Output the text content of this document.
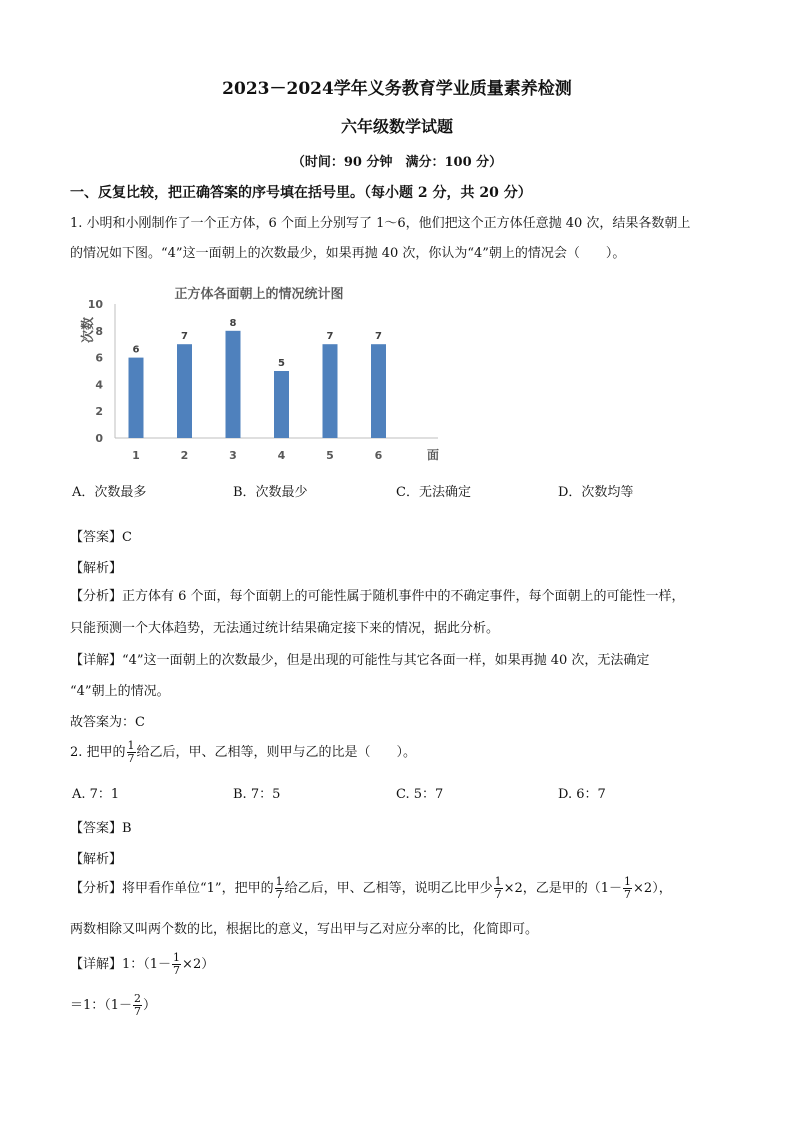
2023－2024学年义务教育学业质量素养检测
六年级数学试题
（时间：90 分钟　满分：100 分）
一、反复比较，把正确答案的序号填在括号里。（每小题 2 分，共 20 分）
1. 小明和小刚制作了一个正方体，6 个面上分别写了 1～6，他们把这个正方体任意抛 40 次，结果各数朝上
的情况如下图。“4”这一面朝上的次数最少，如果再抛 40 次，你认为“4”朝上的情况会（　　）。
正方体各面朝上的情况统计图
次数
面
0
2
4
6
8
10
6
1
7
2
8
3
5
4
7
5
7
6
A．次数最多	B．次数最少	C．无法确定	D．次数均等
【答案】C
【解析】
【分析】正方体有 6 个面，每个面朝上的可能性属于随机事件中的不确定事件，每个面朝上的可能性一样，
只能预测一个大体趋势，无法通过统计结果确定接下来的情况，据此分析。
【详解】“4”这一面朝上的次数最少，但是出现的可能性与其它各面一样，如果再抛 40 次，无法确定
“4”朝上的情况。
故答案为：C
2. 把甲的 $\frac{1}{7}$ 给乙后，甲、乙相等，则甲与乙的比是（　　）。
A. 7：1	B. 7：5	C. 5：7	D. 6：7
【答案】B
【解析】
【分析】将甲看作单位“1”，把甲的 $\frac{1}{7}$ 给乙后，甲、乙相等，说明乙比甲少 $\frac{1}{7} \times 2$，乙是甲的$(1- \frac{1}{7} \times 2)$，
两数相除又叫两个数的比，根据比的意义，写出甲与乙对应分率的比，化简即可。
【详解】1：$(1- \frac{1}{7} \times 2)$
＝1：（$1- \frac{2}{7}$ ）
